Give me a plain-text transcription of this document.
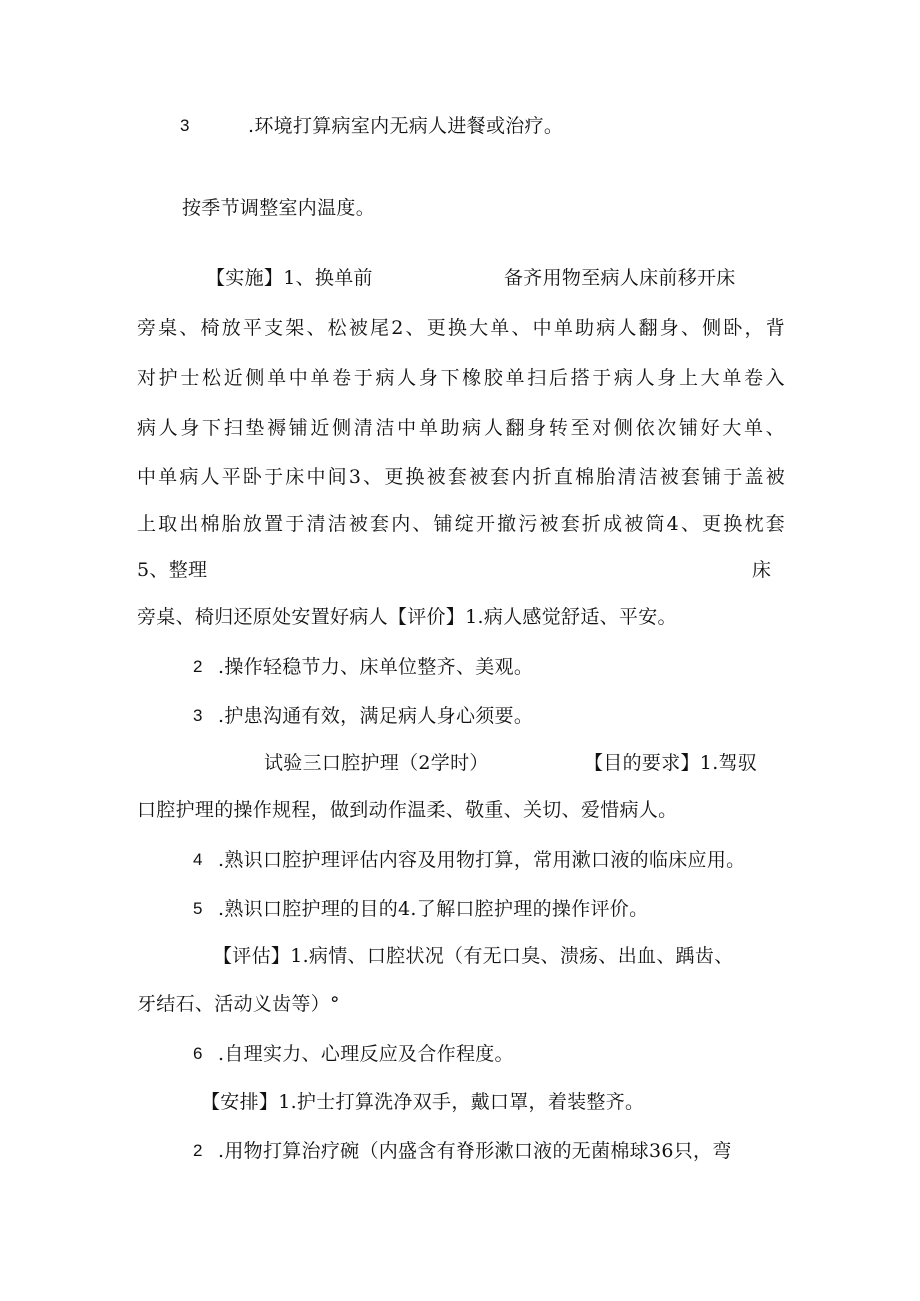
3	.环境打算病室内无病人进餐或治疗。
按季节调整室内温度。
【实施】1、换单前	备齐用物至病人床前移开床
旁桌、椅放平支架、松被尾2、更换大单、中单助病人翻身、侧卧，背
对护士松近侧单中单卷于病人身下橡胶单扫后搭于病人身上大单卷入
病人身下扫垫褥铺近侧清洁中单助病人翻身转至对侧依次铺好大单、
中单病人平卧于床中间3、更换被套被套内折直棉胎清洁被套铺于盖被
上取出棉胎放置于清洁被套内、铺绽开撤污被套折成被筒4、更换枕套
5、整理	床
旁桌、椅归还原处安置好病人【评价】1.病人感觉舒适、平安。
2 .操作轻稳节力、床单位整齐、美观。
3 .护患沟通有效，满足病人身心须要。
试验三口腔护理（2学时）	【目的要求】1.驾驭
口腔护理的操作规程，做到动作温柔、敬重、关切、爱惜病人。
4 .熟识口腔护理评估内容及用物打算，常用漱口液的临床应用。
5 .熟识口腔护理的目的4.了解口腔护理的操作评价。
【评估】1.病情、口腔状况（有无口臭、溃疡、出血、踽齿、
牙结石、活动义齿等）°
6 .自理实力、心理反应及合作程度。
【安排】1.护士打算洗净双手，戴口罩，着装整齐。
2 .用物打算治疗碗（内盛含有脊形漱口液的无菌棉球36只，弯
